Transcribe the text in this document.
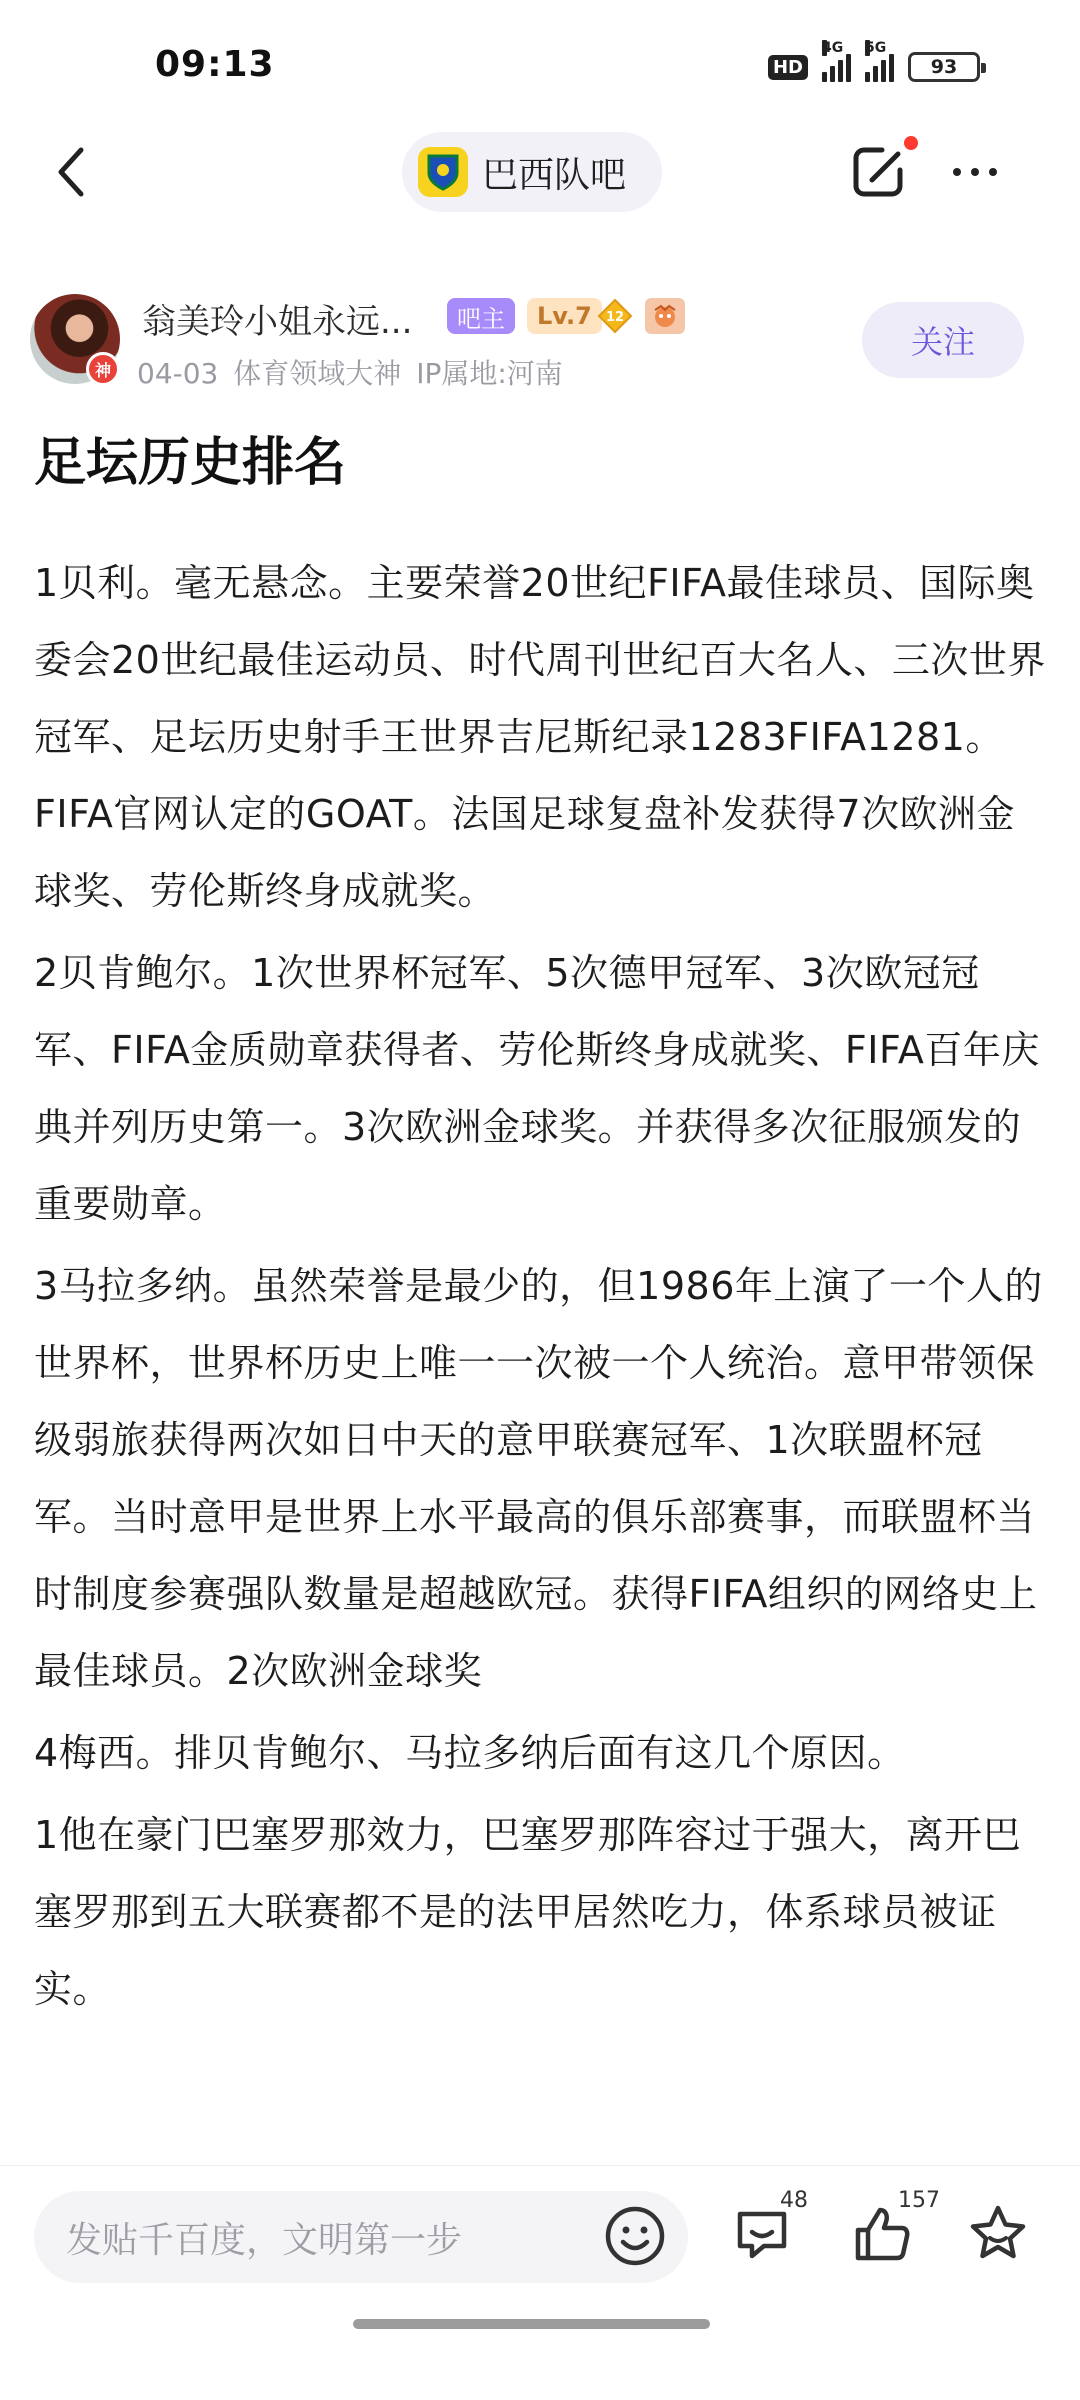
09:13	HD
4G 5G
93
巴西队吧
神
翁美玲小姐永远...	吧主	Lv.7	12
04-03 体育领域大神 IP属地:河南
关注
足坛历史排名

1贝利。毫无悬念。主要荣誉20世纪FIFA最佳球员、国际奥委会20世纪最佳运动员、时代周刊世纪百大名人、三次世界冠军、足坛历史射手王世界吉尼斯纪录1283FIFA1281。FIFA官网认定的GOAT。法国足球复盘补发获得7次欧洲金球奖、劳伦斯终身成就奖。

2贝肯鲍尔。1次世界杯冠军、5次德甲冠军、3次欧冠冠军、FIFA金质勋章获得者、劳伦斯终身成就奖、FIFA百年庆典并列历史第一。3次欧洲金球奖。并获得多次征服颁发的重要勋章。

3马拉多纳。虽然荣誉是最少的，但1986年上演了一个人的世界杯，世界杯历史上唯一一次被一个人统治。意甲带领保级弱旅获得两次如日中天的意甲联赛冠军、1次联盟杯冠军。当时意甲是世界上水平最高的俱乐部赛事，而联盟杯当时制度参赛强队数量是超越欧冠。获得FIFA组织的网络史上最佳球员。2次欧洲金球奖

4梅西。排贝肯鲍尔、马拉多纳后面有这几个原因。

1他在豪门巴塞罗那效力，巴塞罗那阵容过于强大，离开巴塞罗那到五大联赛都不是的法甲居然吃力，体系球员被证实。

发贴千百度，文明第一步
48	157
